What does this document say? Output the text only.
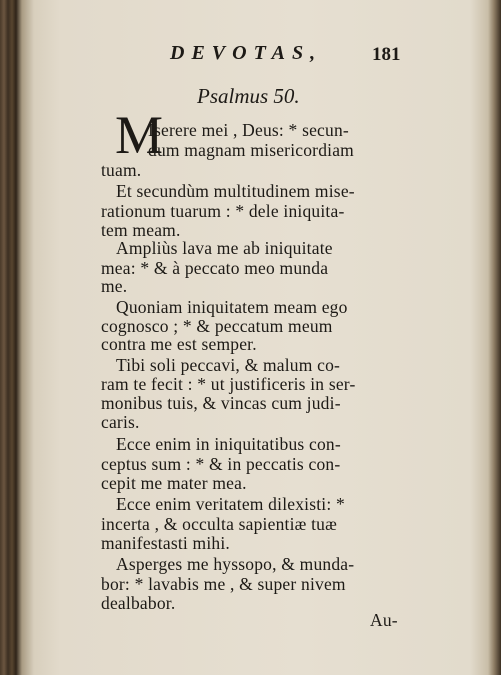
DEVOTAS,	181
Psalmus 50.
M
Iserere mei , Deus: * secun-
dum magnam misericordiam
tuam.
Et secundùm multitudinem mise-
rationum tuarum : * dele iniquita-
tem meam.
Ampliùs lava me ab iniquitate
mea: * & à peccato meo munda
me.
Quoniam iniquitatem meam ego
cognosco ; * & peccatum meum
contra me est semper.
Tibi soli peccavi, & malum co-
ram te fecit : * ut justificeris in ser-
monibus tuis, & vincas cum judi-
caris.
Ecce enim in iniquitatibus con-
ceptus sum : * & in peccatis con-
cepit me mater mea.
Ecce enim veritatem dilexisti: *
incerta , & occulta sapientiæ tuæ
manifestasti mihi.
Asperges me hyssopo, & munda-
bor: * lavabis me , & super nivem
dealbabor.
Au-
